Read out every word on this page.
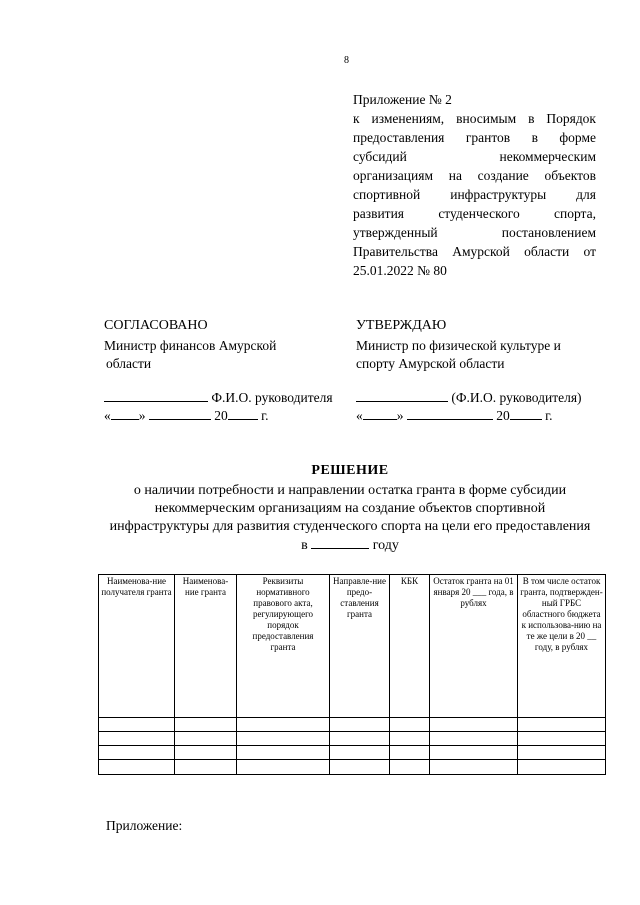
8
Приложение № 2
к изменениям, вносимым в Порядок
предоставления грантов в форме
субсидий некоммерческим
организациям на создание объектов
спортивной инфраструктуры для
развития студенческого спорта,
утвержденный постановлением
Правительства Амурской области от
25.01.2022 № 80
СОГЛАСОВАНО
Министр финансов Амурской
области
Ф.И.О. руководителя
« »	20 г.
УТВЕРЖДАЮ
Министр по физической культуре и
спорту Амурской области
(Ф.И.О. руководителя)
«	»	20	г.
РЕШЕНИЕ
о наличии потребности и направлении остатка гранта в форме субсидии
некоммерческим организациям на создание объектов спортивной
инфраструктуры для развития студенческого спорта на цели его предоставления
в	году
Наименова-ние получателя гранта	Наименова-ние гранта	Реквизиты нормативного правового акта, регулирующего порядок предоставления гранта	Направле-ние предо-ставления гранта	КБК	Остаток гранта на 01 января 20 ___ года, в рублях	В том числе остаток гранта, подтвержден-ный ГРБС областного бюджета к использова-нию на те же цели в 20 __ году, в рублях

Приложение:
